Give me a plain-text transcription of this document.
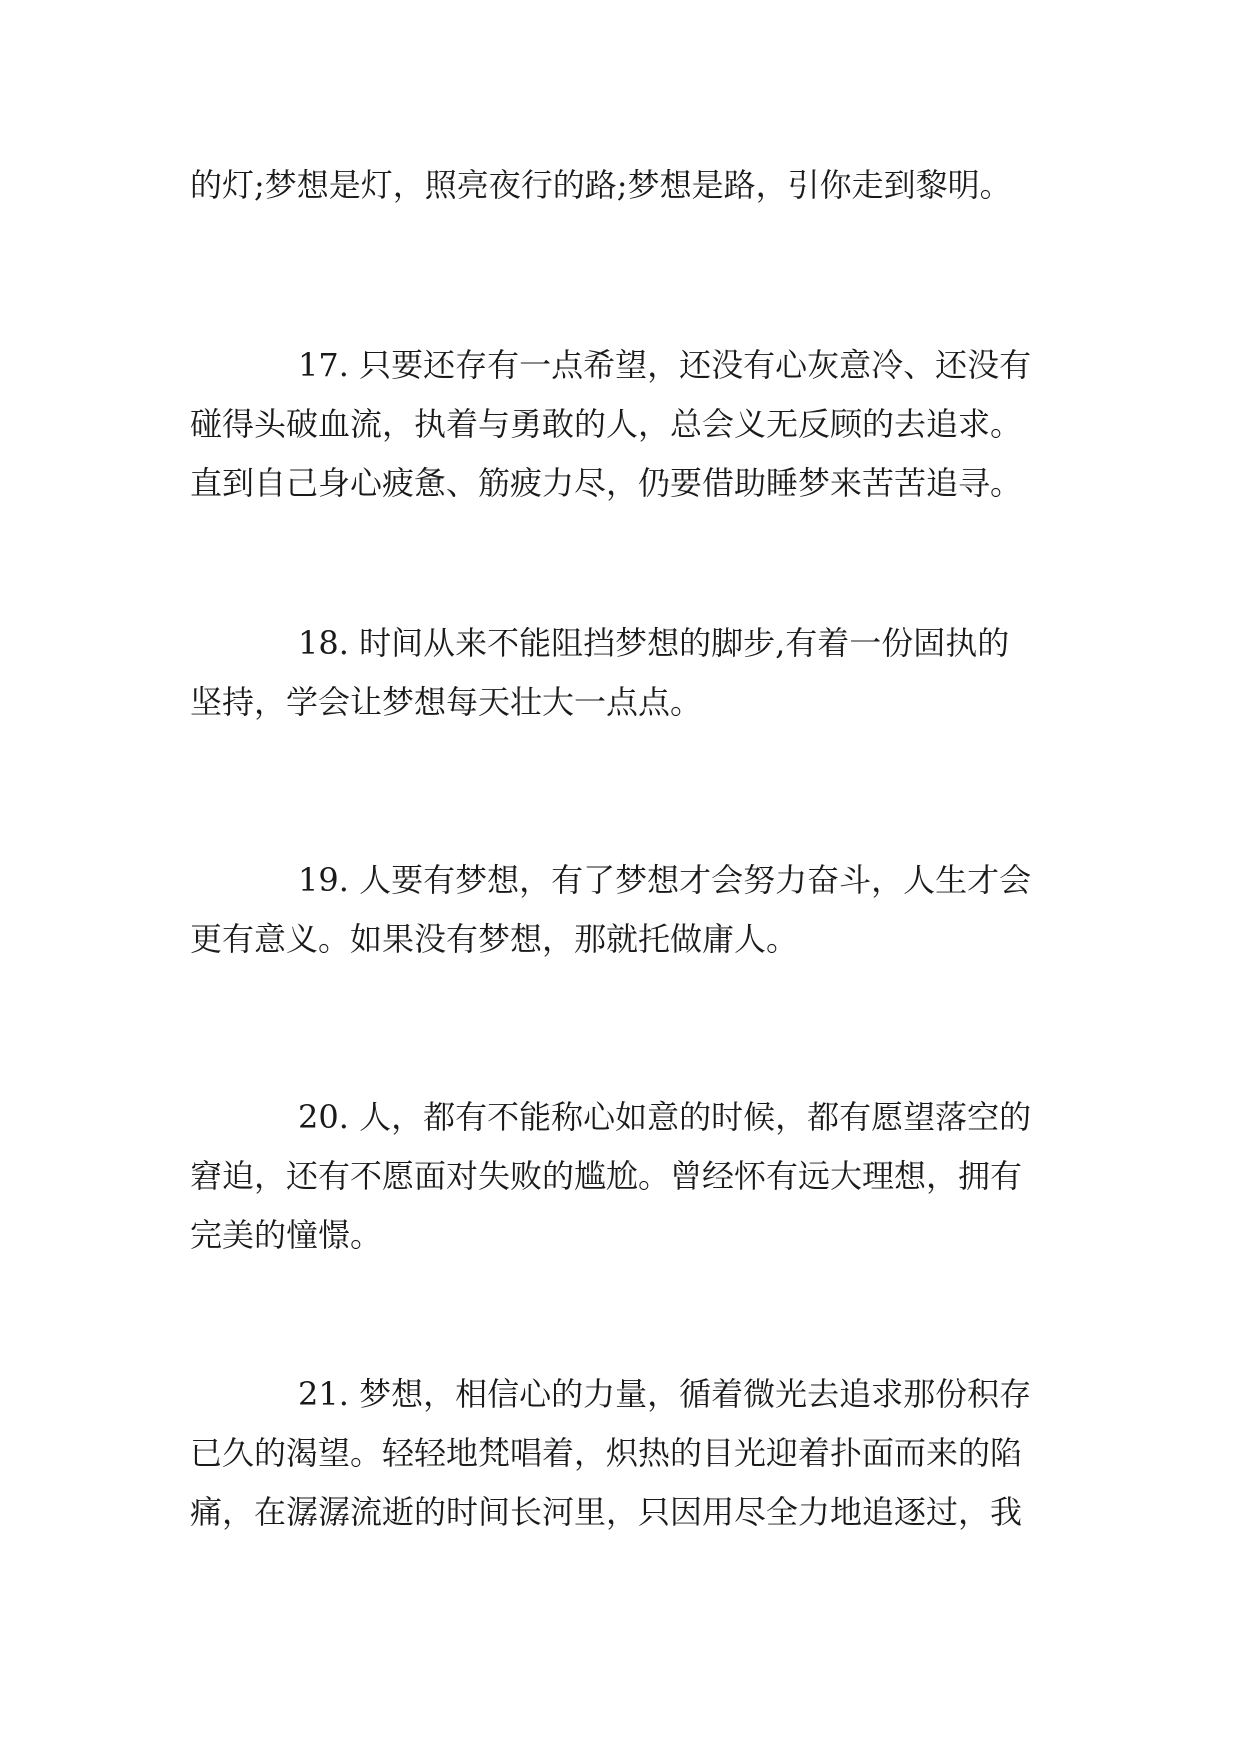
的灯;梦想是灯，照亮夜行的路;梦想是路，引你走到黎明。
17. 只要还存有一点希望，还没有心灰意冷、还没有
碰得头破血流，执着与勇敢的人，总会义无反顾的去追求。
直到自己身心疲惫、筋疲力尽，仍要借助睡梦来苦苦追寻。
18. 时间从来不能阻挡梦想的脚步,有着一份固执的
坚持，学会让梦想每天壮大一点点。
19. 人要有梦想，有了梦想才会努力奋斗，人生才会
更有意义。如果没有梦想，那就托做庸人。
20. 人，都有不能称心如意的时候，都有愿望落空的
窘迫，还有不愿面对失败的尴尬。曾经怀有远大理想，拥有
完美的憧憬。
21. 梦想，相信心的力量，循着微光去追求那份积存
已久的渴望。轻轻地梵唱着，炽热的目光迎着扑面而来的陷
痛，在潺潺流逝的时间长河里，只因用尽全力地追逐过，我
